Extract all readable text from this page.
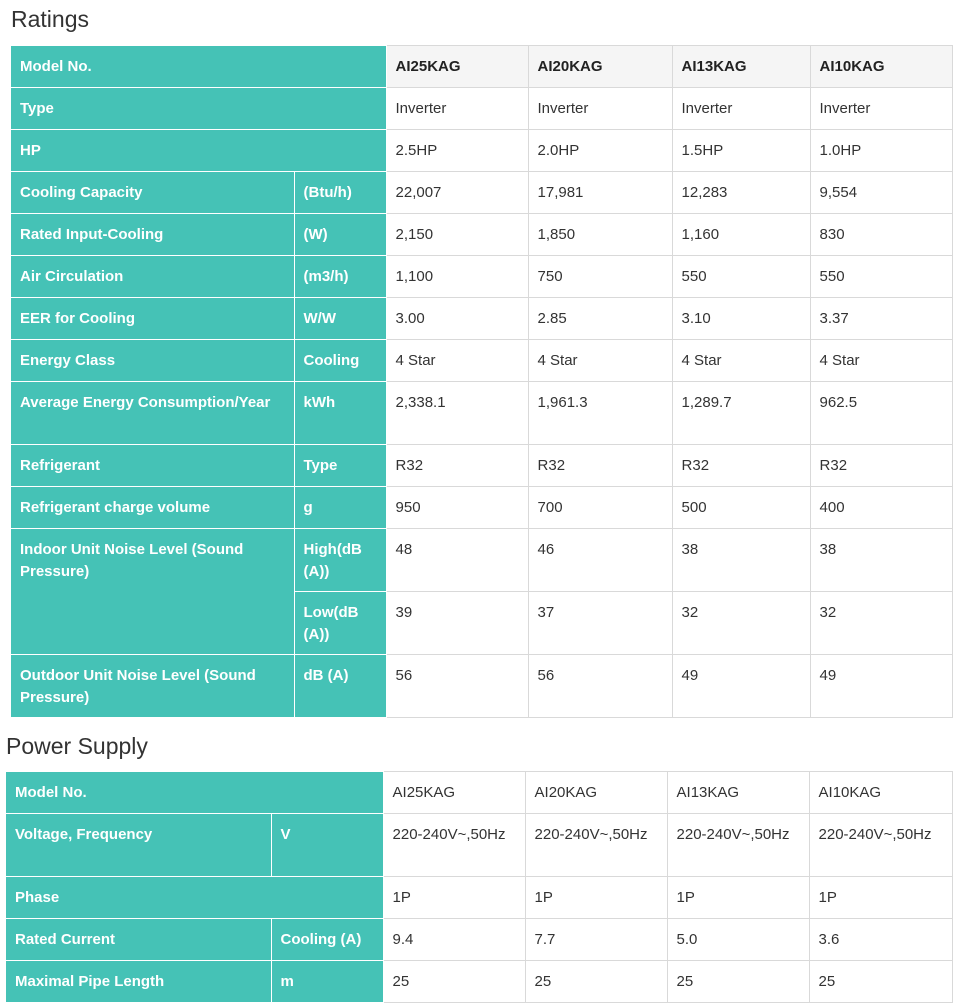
Ratings
Model No.		AI25KAG	AI20KAG	AI13KAG	AI10KAG
Type		Inverter	Inverter	Inverter	Inverter
HP		2.5HP	2.0HP	1.5HP	1.0HP
Cooling Capacity	(Btu/h)	22,007	17,981	12,283	9,554
Rated Input-Cooling	(W)	2,150	1,850	1,160	830
Air Circulation	(m3/h)	1,100	750	550	550
EER for Cooling	W/W	3.00	2.85	3.10	3.37
Energy Class	Cooling	4 Star	4 Star	4 Star	4 Star
Average Energy Consumption/Year	kWh	2,338.1	1,961.3	1,289.7	962.5
Refrigerant	Type	R32	R32	R32	R32
Refrigerant charge volume	g	950	700	500	400
Indoor Unit Noise Level (Sound Pressure)	High(dB (A))	48	46	38	38
	Low(dB (A))	39	37	32	32
Outdoor Unit Noise Level (Sound Pressure)	dB (A)	56	56	49	49
Power Supply
Model No.		AI25KAG	AI20KAG	AI13KAG	AI10KAG
Voltage, Frequency	V	220-240V~,50Hz	220-240V~,50Hz	220-240V~,50Hz	220-240V~,50Hz
Phase		1P	1P	1P	1P
Rated Current	Cooling (A)	9.4	7.7	5.0	3.6
Maximal Pipe Length	m	25	25	25	25
